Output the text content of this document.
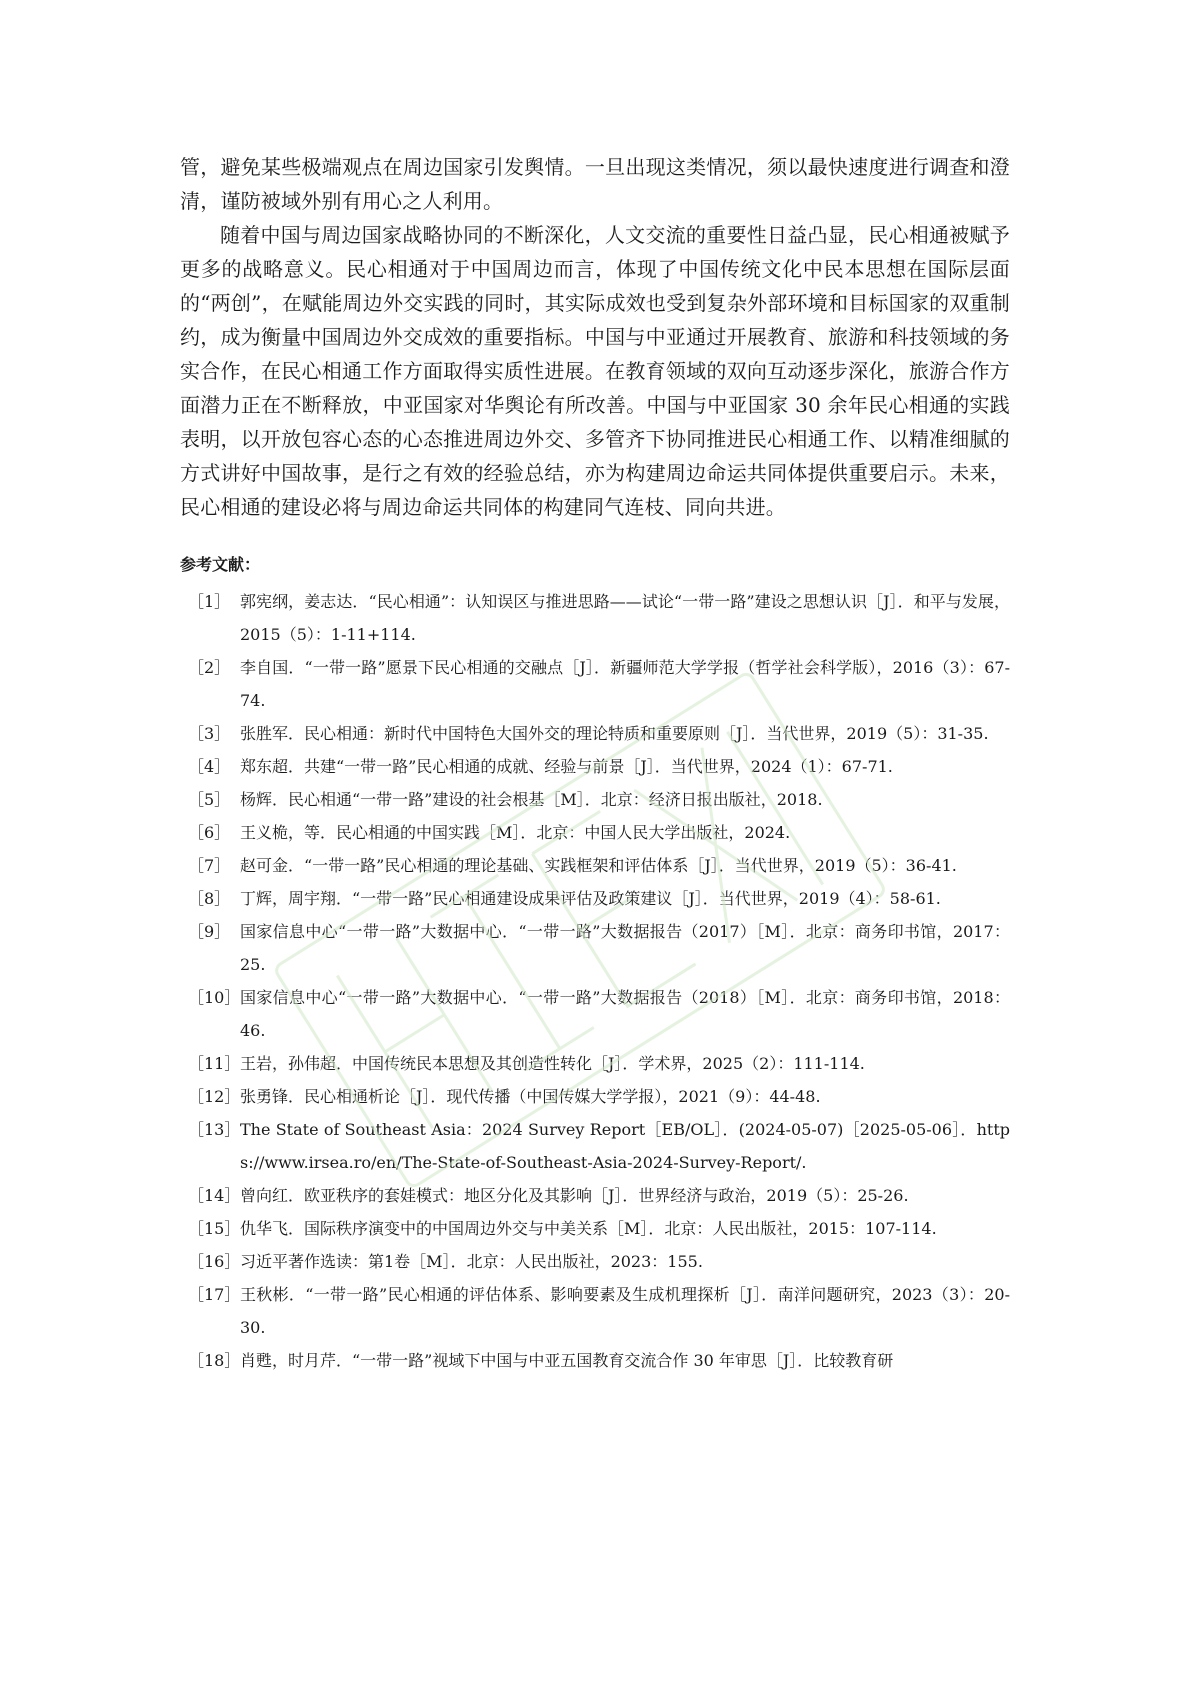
管，避免某些极端观点在周边国家引发舆情。一旦出现这类情况，须以最快速度进行调查和澄清，谨防被域外别有用心之人利用。

随着中国与周边国家战略协同的不断深化，人文交流的重要性日益凸显，民心相通被赋予更多的战略意义。民心相通对于中国周边而言，体现了中国传统文化中民本思想在国际层面的“两创”，在赋能周边外交实践的同时，其实际成效也受到复杂外部环境和目标国家的双重制约，成为衡量中国周边外交成效的重要指标。中国与中亚通过开展教育、旅游和科技领域的务实合作，在民心相通工作方面取得实质性进展。在教育领域的双向互动逐步深化，旅游合作方面潜力正在不断释放，中亚国家对华舆论有所改善。中国与中亚国家 30 余年民心相通的实践表明，以开放包容心态的心态推进周边外交、多管齐下协同推进民心相通工作、以精准细腻的方式讲好中国故事，是行之有效的经验总结，亦为构建周边命运共同体提供重要启示。未来，民心相通的建设必将与周边命运共同体的构建同气连枝、同向共进。

参考文献：

［1］ 郭宪纲，姜志达．“民心相通”：认知误区与推进思路——试论“一带一路”建设之思想认识［J］．和平与发展，2015（5）：1-11+114.

［2］ 李自国．“一带一路”愿景下民心相通的交融点［J］．新疆师范大学学报（哲学社会科学版），2016（3）：67-74.

［3］ 张胜军．民心相通：新时代中国特色大国外交的理论特质和重要原则［J］．当代世界，2019（5）：31-35.

［4］ 郑东超．共建“一带一路”民心相通的成就、经验与前景［J］．当代世界，2024（1）：67-71.

［5］ 杨辉．民心相通“一带一路”建设的社会根基［M］．北京：经济日报出版社，2018.

［6］ 王义桅，等．民心相通的中国实践［M］．北京：中国人民大学出版社，2024.

［7］ 赵可金．“一带一路”民心相通的理论基础、实践框架和评估体系［J］．当代世界，2019（5）：36-41.

［8］ 丁辉，周宇翔．“一带一路”民心相通建设成果评估及政策建议［J］．当代世界，2019（4）：58-61.

［9］ 国家信息中心“一带一路”大数据中心．“一带一路”大数据报告（2017）［M］．北京：商务印书馆，2017：25.

［10］ 国家信息中心“一带一路”大数据中心．“一带一路”大数据报告（2018）［M］．北京：商务印书馆，2018：46.

［11］ 王岩，孙伟超．中国传统民本思想及其创造性转化［J］．学术界，2025（2）：111-114.

［12］ 张勇锋．民心相通析论［J］．现代传播（中国传媒大学学报），2021（9）：44-48.

［13］ The State of Southeast Asia：2024 Survey Report［EB/OL］．(2024-05-07)［2025-05-06］．https://www.irsea.ro/en/The-State-of-Southeast-Asia-2024-Survey-Report/.

［14］ 曾向红．欧亚秩序的套娃模式：地区分化及其影响［J］．世界经济与政治，2019（5）：25-26.

［15］ 仇华飞．国际秩序演变中的中国周边外交与中美关系［M］．北京：人民出版社，2015：107-114.

［16］ 习近平著作选读：第1卷［M］．北京：人民出版社，2023：155.

［17］ 王秋彬．“一带一路”民心相通的评估体系、影响要素及生成机理探析［J］．南洋问题研究，2023（3）：20-30.

［18］ 肖甦，时月芹．“一带一路”视域下中国与中亚五国教育交流合作 30 年审思［J］．比较教育研
